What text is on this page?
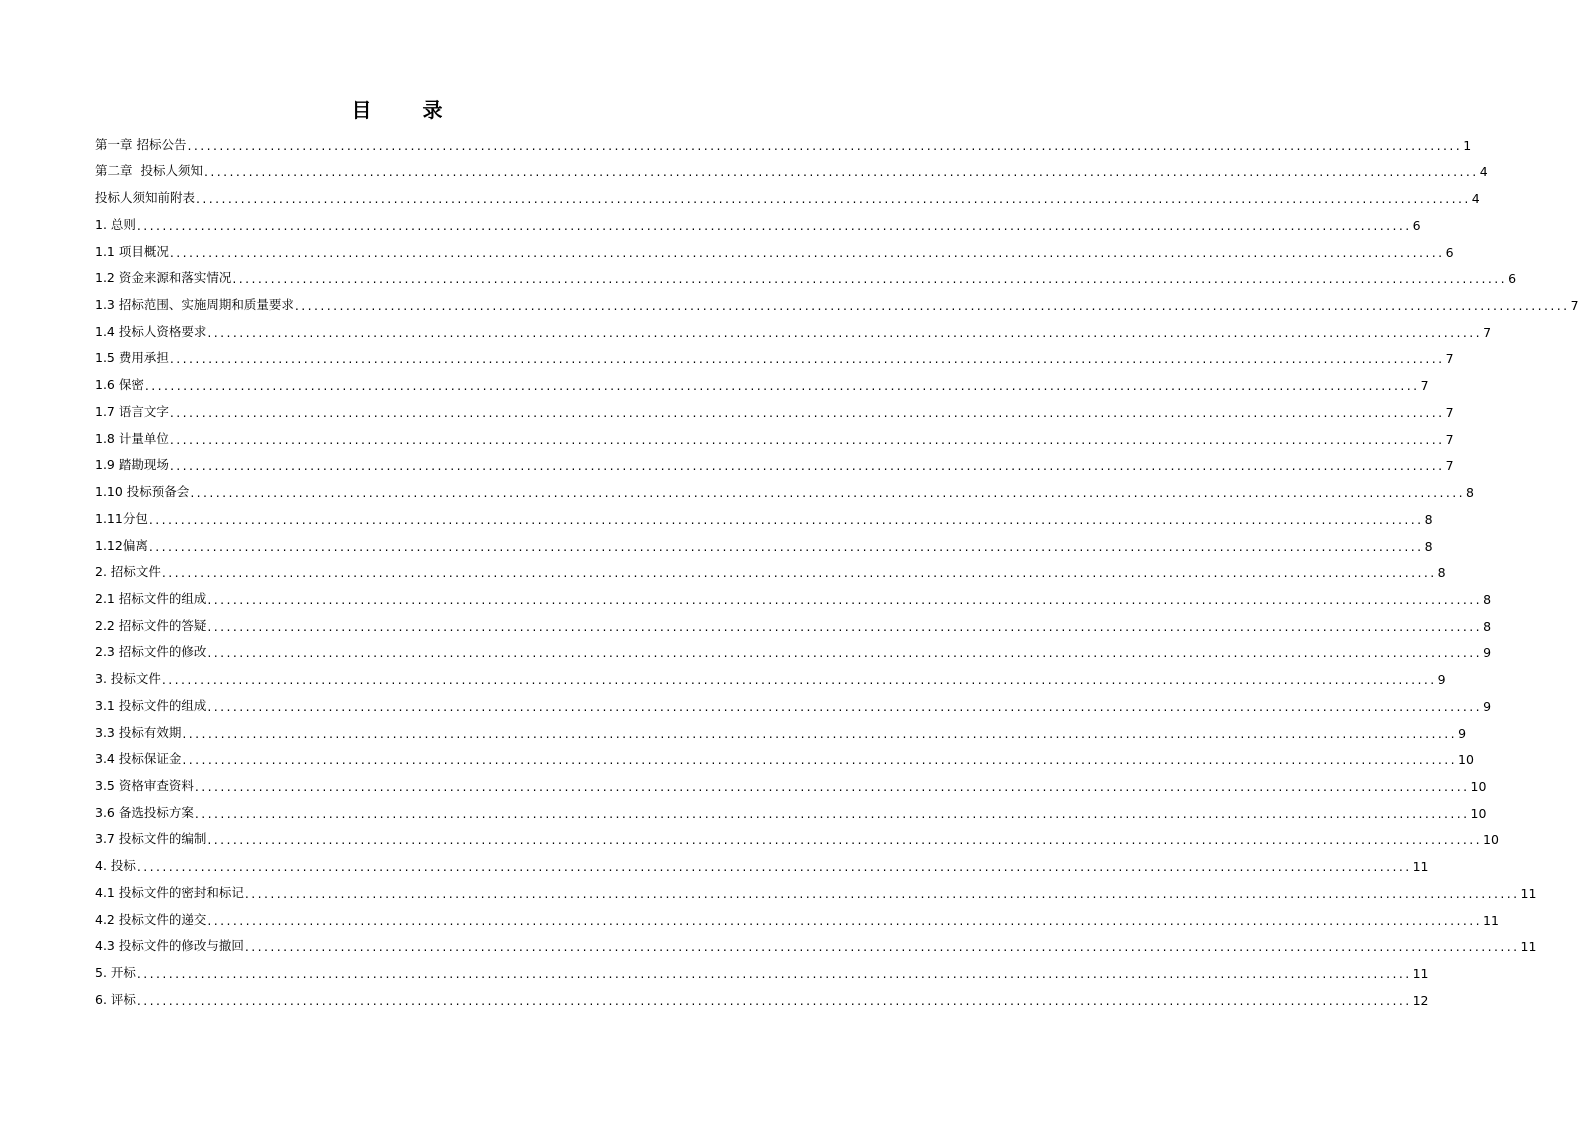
目 录
第一章 招标公告 ........................................................................................................................................................................................................ 1
第二章  投标人须知 ........................................................................................................................................................................................................ 4
投标人须知前附表 ........................................................................................................................................................................................................ 4
1. 总则 ........................................................................................................................................................................................................ 6
1.1 项目概况 ........................................................................................................................................................................................................ 6
1.2 资金来源和落实情况 ........................................................................................................................................................................................................ 6
1.3 招标范围、实施周期和质量要求 ........................................................................................................................................................................................................ 7
1.4 投标人资格要求 ........................................................................................................................................................................................................ 7
1.5 费用承担 ........................................................................................................................................................................................................ 7
1.6 保密 ........................................................................................................................................................................................................ 7
1.7 语言文字 ........................................................................................................................................................................................................ 7
1.8 计量单位 ........................................................................................................................................................................................................ 7
1.9 踏勘现场 ........................................................................................................................................................................................................ 7
1.10 投标预备会 ........................................................................................................................................................................................................ 8
1.11分包 ........................................................................................................................................................................................................ 8
1.12偏离 ........................................................................................................................................................................................................ 8
2. 招标文件 ........................................................................................................................................................................................................ 8
2.1 招标文件的组成 ........................................................................................................................................................................................................ 8
2.2 招标文件的答疑 ........................................................................................................................................................................................................ 8
2.3 招标文件的修改 ........................................................................................................................................................................................................ 9
3. 投标文件 ........................................................................................................................................................................................................ 9
3.1 投标文件的组成 ........................................................................................................................................................................................................ 9
3.3 投标有效期 ........................................................................................................................................................................................................ 9
3.4 投标保证金 ........................................................................................................................................................................................................ 10
3.5 资格审查资料 ........................................................................................................................................................................................................ 10
3.6 备选投标方案 ........................................................................................................................................................................................................ 10
3.7 投标文件的编制 ........................................................................................................................................................................................................ 10
4. 投标 ........................................................................................................................................................................................................ 11
4.1 投标文件的密封和标记 ........................................................................................................................................................................................................ 11
4.2 投标文件的递交 ........................................................................................................................................................................................................ 11
4.3 投标文件的修改与撤回 ........................................................................................................................................................................................................ 11
5. 开标 ........................................................................................................................................................................................................ 11
6. 评标 ........................................................................................................................................................................................................ 12
